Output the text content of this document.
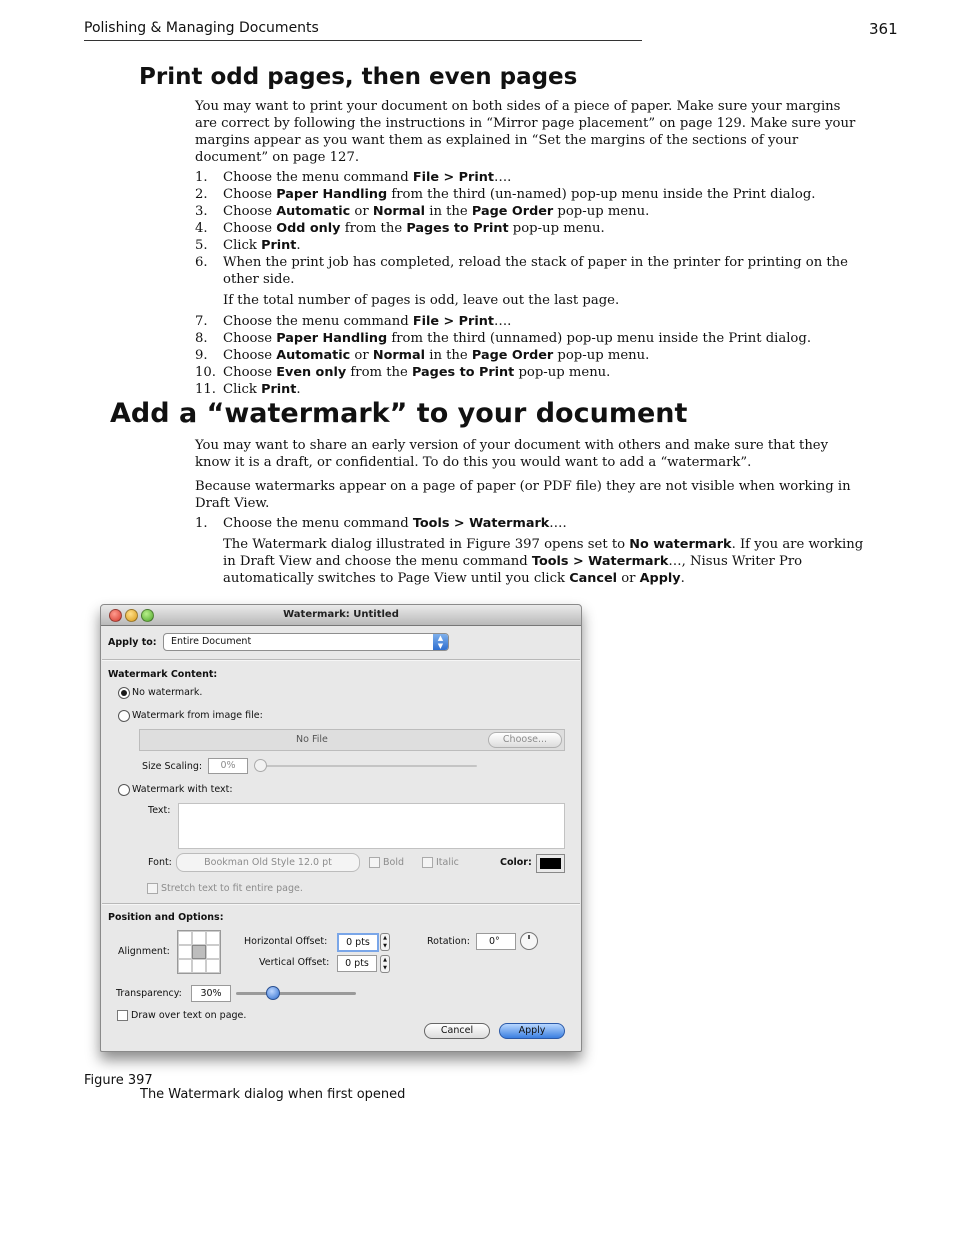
Polishing & Managing Documents	361
Print odd pages, then even pages
You may want to print your document on both sides of a piece of paper. Make sure your margins are correct by following the instructions in “Mirror page placement” on page 129. Make sure your margins appear as you want them as explained in “Set the margins of the sections of your document” on page 127.
1.	Choose the menu command File > Print….
2.	Choose Paper Handling from the third (un-named) pop-up menu inside the Print dialog.
3.	Choose Automatic or Normal in the Page Order pop-up menu.
4.	Choose Odd only from the Pages to Print pop-up menu.
5.	Click Print.
6.	When the print job has completed, reload the stack of paper in the printer for printing on the other side.
If the total number of pages is odd, leave out the last page.
7.	Choose the menu command File > Print….
8.	Choose Paper Handling from the third (unnamed) pop-up menu inside the Print dialog.
9.	Choose Automatic or Normal in the Page Order pop-up menu.
10. Choose Even only from the Pages to Print pop-up menu.
11. Click Print.
Add a “watermark” to your document
You may want to share an early version of your document with others and make sure that they know it is a draft, or confidential. To do this you would want to add a “watermark”.
Because watermarks appear on a page of paper (or PDF file) they are not visible when working in Draft View.
1.	Choose the menu command Tools > Watermark….
The Watermark dialog illustrated in Figure 397 opens set to No watermark. If you are working in Draft View and choose the menu command Tools > Watermark…, Nisus Writer Pro automatically switches to Page View until you click Cancel or Apply.
Watermark: Untitled
Apply to: Entire Document	▲
▼
Watermark Content:
No watermark.
Watermark from image file:
No File	Choose...
Size Scaling:	0%
Watermark with text:
Text:
Font:	Bookman Old Style 12.0 pt	Bold	Italic	Color:
Stretch text to fit entire page.
Position and Options:
Alignment:
Horizontal Offset:	0 pts	▲
▼
Vertical Offset:	0 pts	▲
▼
Rotation:	0°
Transparency:	30%
Draw over text on page.
Cancel	Apply
Figure 397
The Watermark dialog when first opened
